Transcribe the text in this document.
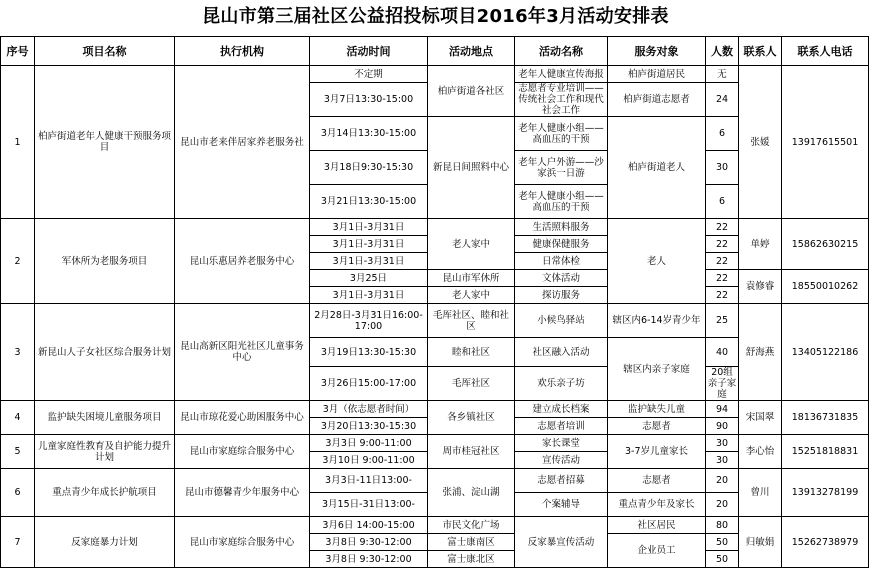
昆山市第三届社区公益招投标项目2016年3月活动安排表
序号	项目名称	执行机构	活动时间	活动地点	活动名称	服务对象	人数	联系人	联系人电话
1	柏庐街道老年人健康干预服务项目	昆山市老来伴居家养老服务社	不定期	柏庐街道各社区	老年人健康宣传海报	柏庐街道居民	无	张媛	13917615501
			3月7日13:30-15:00		志愿者专业培训——传统社会工作和现代社会工作	柏庐街道志愿者	24		
			3月14日13:30-15:00	新昆日间照料中心	老年人健康小组——高血压的干预	柏庐街道老人	6		
			3月18日9:30-15:30		老年人户外游——沙家浜一日游		30		
			3月21日13:30-15:00		老年人健康小组——高血压的干预		6		
2	军休所为老服务项目	昆山乐惠居养老服务中心	3月1日-3月31日	老人家中	生活照料服务	老人	22	单婷	15862630215
			3月1日-3月31日		健康保健服务		22		
			3月1日-3月31日		日常体检		22		
			3月25日	昆山市军休所	文体活动		22	袁修睿	18550010262
			3月1日-3月31日	老人家中	探访服务		22		
3	新昆山人子女社区综合服务计划	昆山高新区阳光社区儿童事务中心	2月28日-3月31日16:00-17:00	毛厍社区、睦和社区	小候鸟驿站	辖区内6-14岁青少年	25	舒海燕	13405122186
			3月19日13:30-15:30	睦和社区	社区融入活动	辖区内亲子家庭	40		
			3月26日15:00-17:00	毛厍社区	欢乐亲子坊		20组亲子家庭		
4	监护缺失困境儿童服务项目	昆山市琼花爱心助困服务中心	3月（依志愿者时间）	各乡镇社区	建立成长档案	监护缺失儿童	94	宋国翠	18136731835
			3月20日13:30-15:30		志愿者培训	志愿者	90		
5	儿童家庭性教育及自护能力提升计划	昆山市家庭综合服务中心	3月3日 9:00-11:00	周市桂冠社区	家长课堂	3-7岁儿童家长	30	李心怡	15251818831
			3月10日 9:00-11:00		宣传活动		30		
6	重点青少年成长护航项目	昆山市德馨青少年服务中心	3月3日-11日13:00-	张浦、淀山湖	志愿者招募	志愿者	20	曾川	13913278199
			3月15日-31日13:00-		个案辅导	重点青少年及家长	20		
7	反家庭暴力计划	昆山市家庭综合服务中心	3月6日 14:00-15:00	市民文化广场	反家暴宣传活动	社区居民	80	归敏娟	15262738979
			3月8日 9:30-12:00	富士康南区		企业员工	50		
			3月8日 9:30-12:00	富士康北区			50		
